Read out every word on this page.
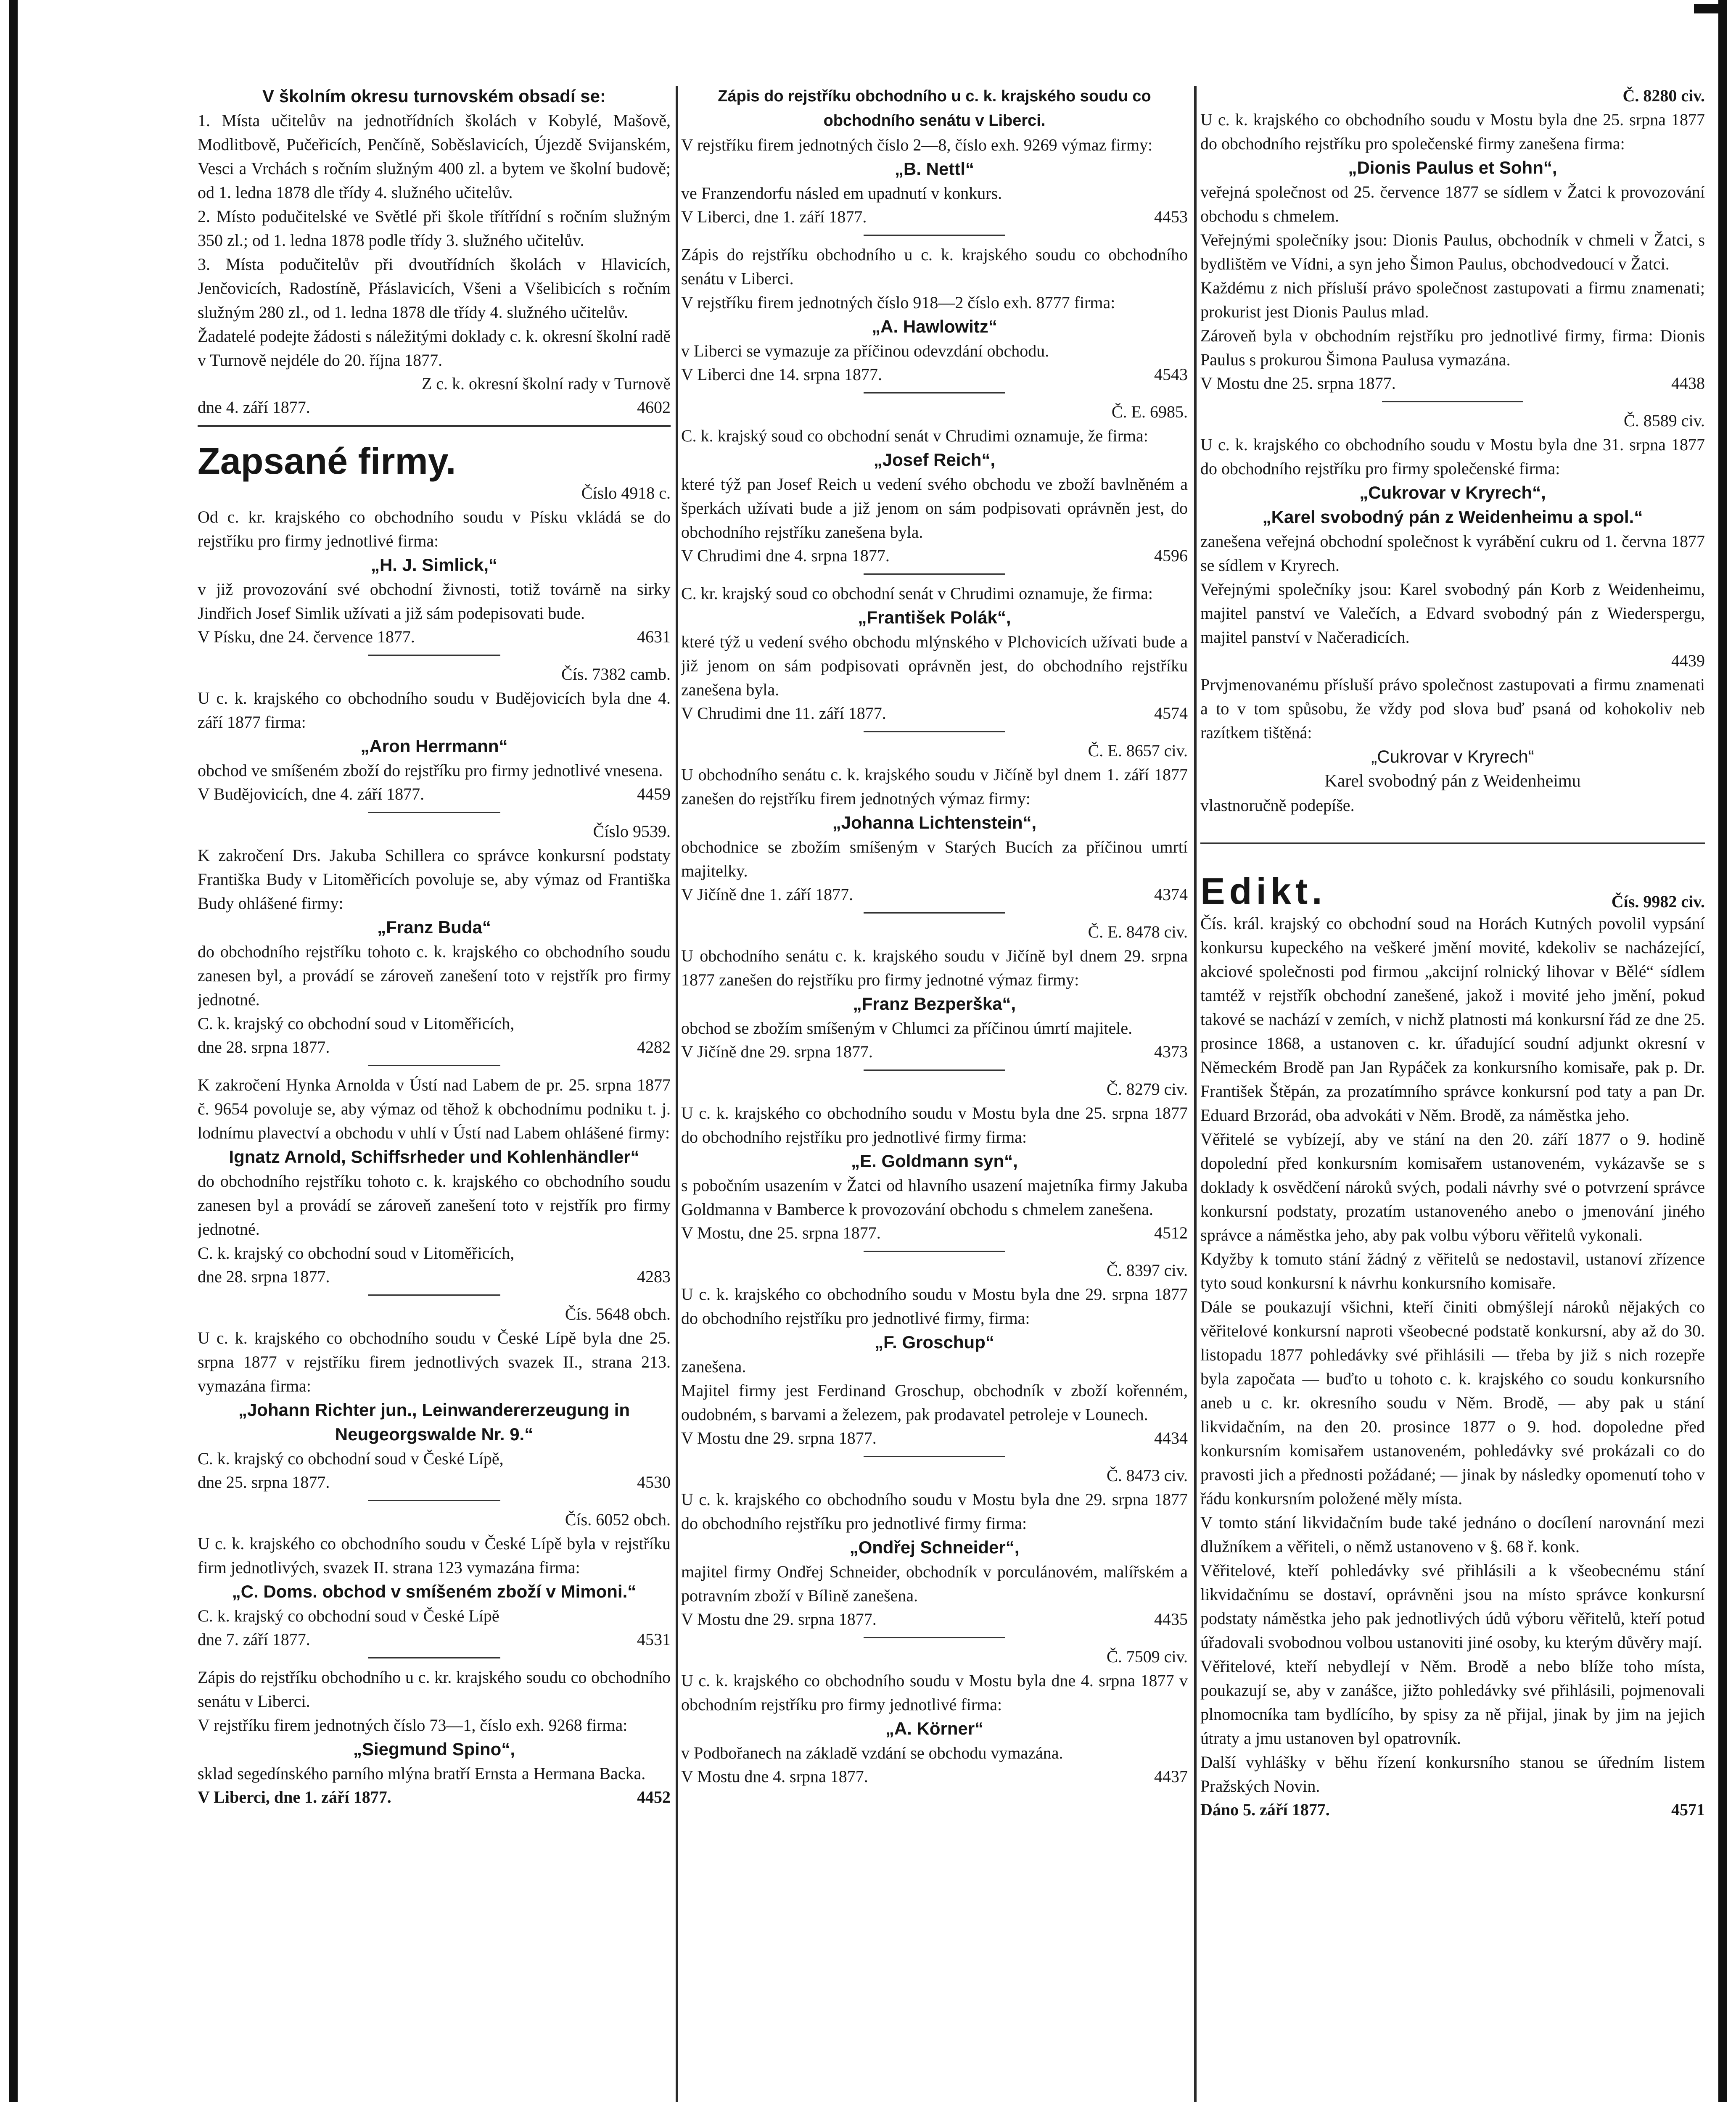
V školním okresu turnovském obsadí se:

1. Místa učitelův na jednotřídních školách v Kobylé, Mašově, Modlitbově, Pučeřicích, Penčíně, Soběslavicích, Újezdě Svijanském, Vesci a Vrchách s ročním služným 400 zl. a bytem ve školní budově; od 1. ledna 1878 dle třídy 4. služného učitelův.

2. Místo podučitelské ve Světlé při škole třítřídní s ročním služným 350 zl.; od 1. ledna 1878 podle třídy 3. služného učitelův.

3. Místa podučitelův při dvoutřídních školách v Hlavicích, Jenčovicích, Radostíně, Přáslavicích, Všeni a Všelibicích s ročním služným 280 zl., od 1. ledna 1878 dle třídy 4. služného učitelův.

Žadatelé podejte žádosti s náležitými doklady c. k. okresní školní radě v Turnově nejdéle do 20. října 1877.

Z c. k. okresní školní rady v Turnově

dne 4. září 1877.	4602
Zapsané firmy.

Číslo 4918 c.

Od c. kr. krajského co obchodního soudu v Písku vkládá se do rejstříku pro firmy jednotlivé firma:

„H. J. Simlick,“

v již provozování své obchodní živnosti, totiž továrně na sirky Jindřich Josef Simlik užívati a již sám podepisovati bude.

V Písku, dne 24. července 1877.	4631

Čís. 7382 camb.

U c. k. krajského co obchodního soudu v Budějovicích byla dne 4. září 1877 firma:

„Aron Herrmann“

obchod ve smíšeném zboží do rejstříku pro firmy jednotlivé vnesena.

V Budějovicích, dne 4. září 1877.	4459

Číslo 9539.

K zakročení Drs. Jakuba Schillera co správce konkursní podstaty Františka Budy v Litoměřicích povoluje se, aby výmaz od Františka Budy ohlášené firmy:

„Franz Buda“

do obchodního rejstříku tohoto c. k. krajského co obchodního soudu zanesen byl, a provádí se zároveň zanešení toto v rejstřík pro firmy jednotné.

C. k. krajský co obchodní soud v Litoměřicích,

dne 28. srpna 1877.	4282

K zakročení Hynka Arnolda v Ústí nad Labem de pr. 25. srpna 1877 č. 9654 povoluje se, aby výmaz od těhož k obchodnímu podniku t. j. lodnímu plavectví a obchodu v uhlí v Ústí nad Labem ohlášené firmy:

Ignatz Arnold, Schiffsrheder und Kohlenhändler“

do obchodního rejstříku tohoto c. k. krajského co obchodního soudu zanesen byl a provádí se zároveň zanešení toto v rejstřík pro firmy jednotné.

C. k. krajský co obchodní soud v Litoměřicích,

dne 28. srpna 1877.	4283

Čís. 5648 obch.

U c. k. krajského co obchodního soudu v České Lípě byla dne 25. srpna 1877 v rejstříku firem jednotlivých svazek II., strana 213. vymazána firma:

„Johann Richter jun., Leinwandererzeugung in Neugeorgswalde Nr. 9.“

C. k. krajský co obchodní soud v České Lípě,

dne 25. srpna 1877.	4530

Čís. 6052 obch.

U c. k. krajského co obchodního soudu v České Lípě byla v rejstříku firm jednotlivých, svazek II. strana 123 vymazána firma:

„C. Doms. obchod v smíšeném zboží v Mimoni.“

C. k. krajský co obchodní soud v České Lípě

dne 7. září 1877.	4531

Zápis do rejstříku obchodního u c. kr. krajského soudu co obchodního senátu v Liberci.

V rejstříku firem jednotných číslo 73—1, číslo exh. 9268 firma:

„Siegmund Spino“,

sklad segedínského parního mlýna bratří Ernsta a Hermana Backa.

V Liberci, dne 1. září 1877.	4452

Zápis do rejstříku obchodního u c. k. krajského soudu co obchodního senátu v Liberci.

V rejstříku firem jednotných číslo 2—8, číslo exh. 9269 výmaz firmy:

„B. Nettl“

ve Franzendorfu násled em upadnutí v konkurs.

V Liberci, dne 1. září 1877.	4453

Zápis do rejstříku obchodního u c. k. krajského soudu co obchodního senátu v Liberci.

V rejstříku firem jednotných číslo 918—2 číslo exh. 8777 firma:

„A. Hawlowitz“

v Liberci se vymazuje za příčinou odevzdání obchodu.

V Liberci dne 14. srpna 1877.	4543

Č. E. 6985.

C. k. krajský soud co obchodní senát v Chrudimi oznamuje, že firma:

„Josef Reich“,

které týž pan Josef Reich u vedení svého obchodu ve zboží bavlněném a šperkách užívati bude a již jenom on sám podpisovati oprávněn jest, do obchodního rejstříku zanešena byla.

V Chrudimi dne 4. srpna 1877.	4596

C. kr. krajský soud co obchodní senát v Chrudimi oznamuje, že firma:

„František Polák“,

které týž u vedení svého obchodu mlýnského v Plchovicích užívati bude a již jenom on sám podpisovati oprávněn jest, do obchodního rejstříku zanešena byla.

V Chrudimi dne 11. září 1877.	4574

Č. E. 8657 civ.

U obchodního senátu c. k. krajského soudu v Jičíně byl dnem 1. září 1877 zanešen do rejstříku firem jednotných výmaz firmy:

„Johanna Lichtenstein“,

obchodnice se zbožím smíšeným v Starých Bucích za příčinou umrtí majitelky.

V Jičíně dne 1. září 1877.	4374

Č. E. 8478 civ.

U obchodního senátu c. k. krajského soudu v Jičíně byl dnem 29. srpna 1877 zanešen do rejstříku pro firmy jednotné výmaz firmy:

„Franz Bezperška“,

obchod se zbožím smíšeným v Chlumci za příčinou úmrtí majitele.

V Jičíně dne 29. srpna 1877.	4373

Č. 8279 civ.

U c. k. krajského co obchodního soudu v Mostu byla dne 25. srpna 1877 do obchodního rejstříku pro jednotlivé firmy firma:

„E. Goldmann syn“,

s pobočním usazením v Žatci od hlavního usazení majetníka firmy Jakuba Goldmanna v Bamberce k provozování obchodu s chmelem zanešena.

V Mostu, dne 25. srpna 1877.	4512

Č. 8397 civ.

U c. k. krajského co obchodního soudu v Mostu byla dne 29. srpna 1877 do obchodního rejstříku pro jednotlivé firmy, firma:

„F. Groschup“

zanešena.

Majitel firmy jest Ferdinand Groschup, obchodník v zboží kořenném, oudobném, s barvami a železem, pak prodavatel petroleje v Lounech.

V Mostu dne 29. srpna 1877.	4434

Č. 8473 civ.

U c. k. krajského co obchodního soudu v Mostu byla dne 29. srpna 1877 do obchodního rejstříku pro jednotlivé firmy firma:

„Ondřej Schneider“,

majitel firmy Ondřej Schneider, obchodník v porculánovém, malířském a potravním zboží v Bílině zanešena.

V Mostu dne 29. srpna 1877.	4435

Č. 7509 civ.

U c. k. krajského co obchodního soudu v Mostu byla dne 4. srpna 1877 v obchodním rejstříku pro firmy jednotlivé firma:

„A. Körner“

v Podbořanech na základě vzdání se obchodu vymazána.

V Mostu dne 4. srpna 1877.	4437

Č. 8280 civ.

U c. k. krajského co obchodního soudu v Mostu byla dne 25. srpna 1877 do obchodního rejstříku pro společenské firmy zanešena firma:

„Dionis Paulus et Sohn“,

veřejná společnost od 25. července 1877 se sídlem v Žatci k provozování obchodu s chmelem.

Veřejnými společníky jsou: Dionis Paulus, obchodník v chmeli v Žatci, s bydlištěm ve Vídni, a syn jeho Šimon Paulus, obchodvedoucí v Žatci.

Každému z nich přísluší právo společnost zastupovati a firmu znamenati; prokurist jest Dionis Paulus mlad.

Zároveň byla v obchodním rejstříku pro jednotlivé firmy, firma: Dionis Paulus s prokurou Šimona Paulusa vymazána.

V Mostu dne 25. srpna 1877.	4438

Č. 8589 civ.

U c. k. krajského co obchodního soudu v Mostu byla dne 31. srpna 1877 do obchodního rejstříku pro firmy společenské firma:

„Cukrovar v Kryrech“,

„Karel svobodný pán z Weidenheimu a spol.“

zanešena veřejná obchodní společnost k vyrábění cukru od 1. června 1877 se sídlem v Kryrech.

Veřejnými společníky jsou: Karel svobodný pán Korb z Weidenheimu, majitel panství ve Valečích, a Edvard svobodný pán z Wiederspergu, majitel panství v Načeradicích.

4439

Prvjmenovanému přísluší právo společnost zastupovati a firmu znamenati a to v tom spůsobu, že vždy pod slova buď psaná od kohokoliv neb razítkem tištěná:

„Cukrovar v Kryrech“

Karel svobodný pán z Weidenheimu

vlastnoručně podepíše.

Edikt.	Čís. 9982 civ.

Čís. král. krajský co obchodní soud na Horách Kutných povolil vypsání konkursu kupeckého na veškeré jmění movité, kdekoliv se nacházející, akciové společnosti pod firmou „akcijní rolnický lihovar v Bělé“ sídlem tamtéž v rejstřík obchodní zanešené, jakož i movité jeho jmění, pokud takové se nachází v zemích, v nichž platnosti má konkursní řád ze dne 25. prosince 1868, a ustanoven c. kr. úřadující soudní adjunkt okresní v Německém Brodě pan Jan Rypáček za konkursního komisaře, pak p. Dr. František Štěpán, za prozatímního správce konkursní pod taty a pan Dr. Eduard Brzorád, oba advokáti v Něm. Brodě, za náměstka jeho.

Věřitelé se vybízejí, aby ve stání na den 20. září 1877 o 9. hodině dopolední před konkursním komisařem ustanoveném, vykázavše se s doklady k osvědčení nároků svých, podali návrhy své o potvrzení správce konkursní podstaty, prozatím ustanoveného anebo o jmenování jiného správce a náměstka jeho, aby pak volbu výboru věřitelů vykonali.

Kdyžby k tomuto stání žádný z věřitelů se nedostavil, ustanoví zřízence tyto soud konkursní k návrhu konkursního komisaře.

Dále se poukazují všichni, kteří činiti obmýšlejí nároků nějakých co věřitelové konkursní naproti všeobecné podstatě konkursní, aby až do 30. listopadu 1877 pohledávky své přihlásili — třeba by již s nich rozepře byla započata — buďto u tohoto c. k. krajského co soudu konkursního aneb u c. kr. okresního soudu v Něm. Brodě, — aby pak u stání likvidačním, na den 20. prosince 1877 o 9. hod. dopoledne před konkursním komisařem ustanoveném, pohledávky své prokázali co do pravosti jich a přednosti požádané; — jinak by následky opomenutí toho v řádu konkursním položené měly místa.

V tomto stání likvidačním bude také jednáno o docílení narovnání mezi dlužníkem a věřiteli, o němž ustanoveno v §. 68 ř. konk.

Věřitelové, kteří pohledávky své přihlásili a k všeobecnému stání likvidačnímu se dostaví, oprávněni jsou na místo správce konkursní podstaty náměstka jeho pak jednotlivých údů výboru věřitelů, kteří potud úřadovali svobodnou volbou ustanoviti jiné osoby, ku kterým důvěry mají.

Věřitelové, kteří nebydlejí v Něm. Brodě a nebo blíže toho místa, poukazují se, aby v zanášce, jižto pohledávky své přihlásili, pojmenovali plnomocníka tam bydlícího, by spisy za ně přijal, jinak by jim na jejich útraty a jmu ustanoven byl opatrovník.

Další vyhlášky v běhu řízení konkursního stanou se úředním listem Pražských Novin.

Dáno 5. září 1877.	4571
